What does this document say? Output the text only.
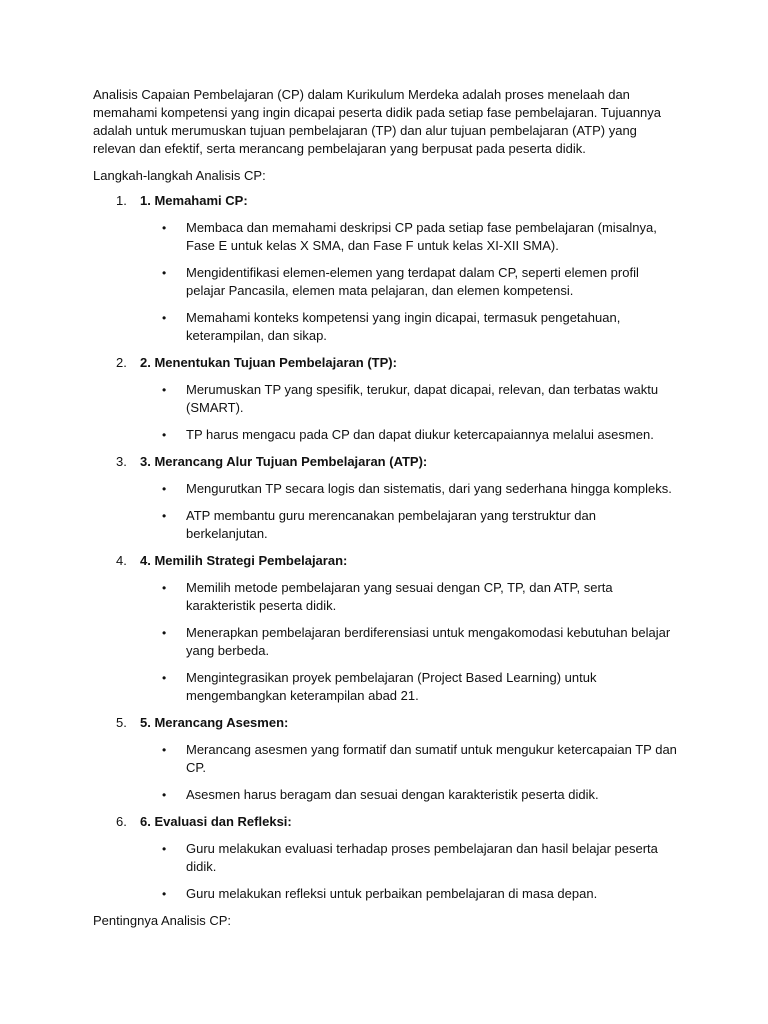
Analisis Capaian Pembelajaran (CP) dalam Kurikulum Merdeka adalah proses menelaah dan memahami kompetensi yang ingin dicapai peserta didik pada setiap fase pembelajaran. Tujuannya adalah untuk merumuskan tujuan pembelajaran (TP) dan alur tujuan pembelajaran (ATP) yang relevan dan efektif, serta merancang pembelajaran yang berpusat pada peserta didik.

Langkah-langkah Analisis CP:

1. 1. Memahami CP:
• Membaca dan memahami deskripsi CP pada setiap fase pembelajaran (misalnya, Fase E untuk kelas X SMA, dan Fase F untuk kelas XI-XII SMA).
• Mengidentifikasi elemen-elemen yang terdapat dalam CP, seperti elemen profil pelajar Pancasila, elemen mata pelajaran, dan elemen kompetensi.
• Memahami konteks kompetensi yang ingin dicapai, termasuk pengetahuan, keterampilan, dan sikap.
2. 2. Menentukan Tujuan Pembelajaran (TP):
• Merumuskan TP yang spesifik, terukur, dapat dicapai, relevan, dan terbatas waktu (SMART).
• TP harus mengacu pada CP dan dapat diukur ketercapaiannya melalui asesmen.
3. 3. Merancang Alur Tujuan Pembelajaran (ATP):
• Mengurutkan TP secara logis dan sistematis, dari yang sederhana hingga kompleks.
• ATP membantu guru merencanakan pembelajaran yang terstruktur dan berkelanjutan.
4. 4. Memilih Strategi Pembelajaran:
• Memilih metode pembelajaran yang sesuai dengan CP, TP, dan ATP, serta karakteristik peserta didik.
• Menerapkan pembelajaran berdiferensiasi untuk mengakomodasi kebutuhan belajar yang berbeda.
• Mengintegrasikan proyek pembelajaran (Project Based Learning) untuk mengembangkan keterampilan abad 21.
5. 5. Merancang Asesmen:
• Merancang asesmen yang formatif dan sumatif untuk mengukur ketercapaian TP dan CP.
• Asesmen harus beragam dan sesuai dengan karakteristik peserta didik.
6. 6. Evaluasi dan Refleksi:
• Guru melakukan evaluasi terhadap proses pembelajaran dan hasil belajar peserta didik.
• Guru melakukan refleksi untuk perbaikan pembelajaran di masa depan.

Pentingnya Analisis CP:
